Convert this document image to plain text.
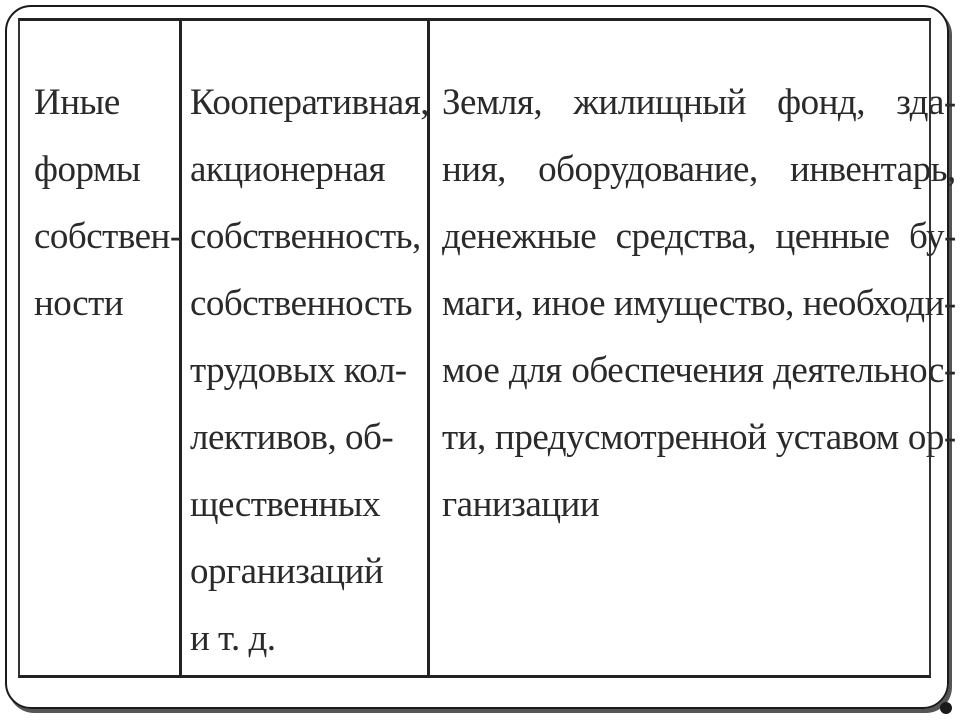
Иные
формы
собствен-
ности
Кооперативная,
акционерная
собственность,
собственность
трудовых кол-
лективов, об-
щественных
организаций
и т. д.
Земля, жилищный фонд, зда-
ния, оборудование, инвентарь,
денежные средства, ценные бу-
маги, иное имущество, необходи-
мое для обеспечения деятельнос-
ти, предусмотренной уставом ор-
ганизации
